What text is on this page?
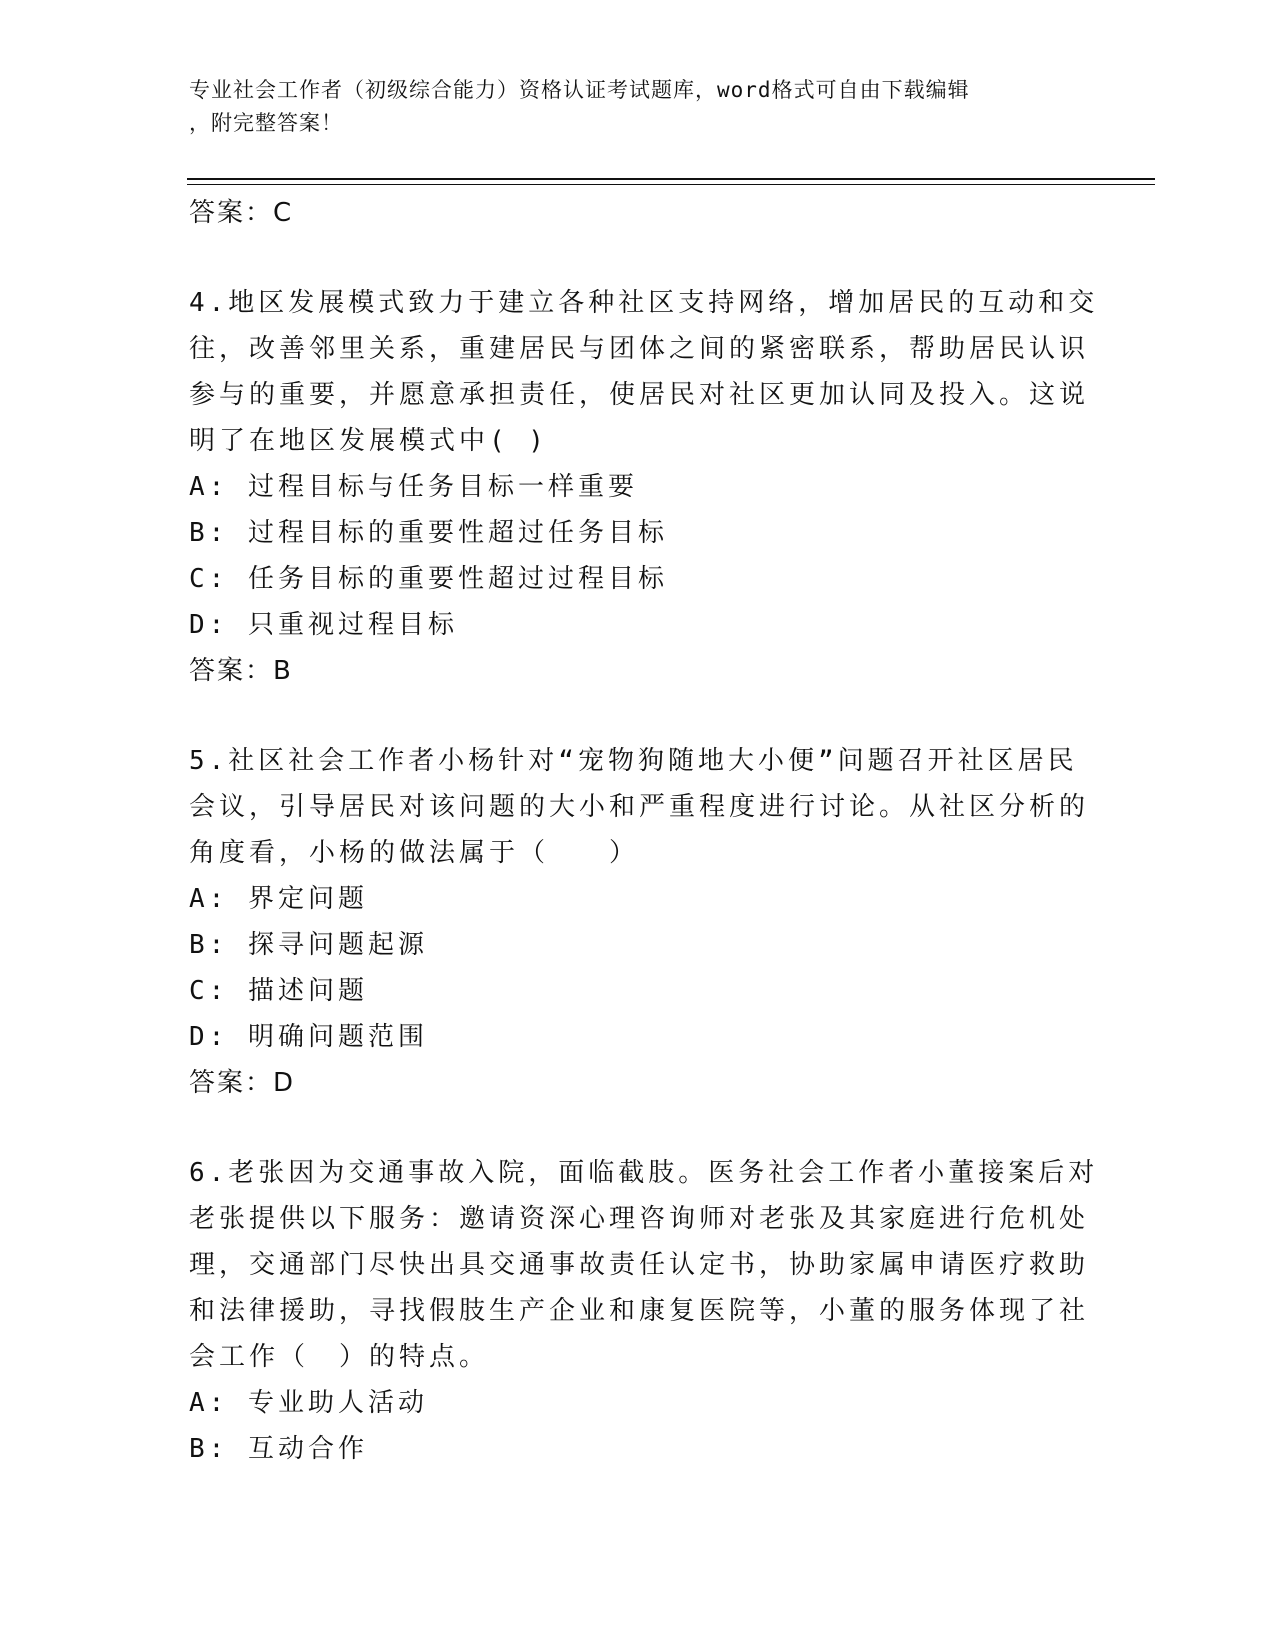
专业社会工作者（初级综合能力）资格认证考试题库，word格式可自由下载编辑
，附完整答案！
答案：C
4.地区发展模式致力于建立各种社区支持网络，增加居民的互动和交
往，改善邻里关系，重建居民与团体之间的紧密联系，帮助居民认识
参与的重要，并愿意承担责任，使居民对社区更加认同及投入。这说
明了在地区发展模式中( )
A: 过程目标与任务目标一样重要
B: 过程目标的重要性超过任务目标
C: 任务目标的重要性超过过程目标
D: 只重视过程目标
答案：B
5.社区社会工作者小杨针对“宠物狗随地大小便”问题召开社区居民
会议，引导居民对该问题的大小和严重程度进行讨论。从社区分析的
角度看，小杨的做法属于（　　）
A: 界定问题
B: 探寻问题起源
C: 描述问题
D: 明确问题范围
答案：D
6.老张因为交通事故入院，面临截肢。医务社会工作者小董接案后对
老张提供以下服务：邀请资深心理咨询师对老张及其家庭进行危机处
理，交通部门尽快出具交通事故责任认定书，协助家属申请医疗救助
和法律援助，寻找假肢生产企业和康复医院等，小董的服务体现了社
会工作（　）的特点。
A: 专业助人活动
B: 互动合作
